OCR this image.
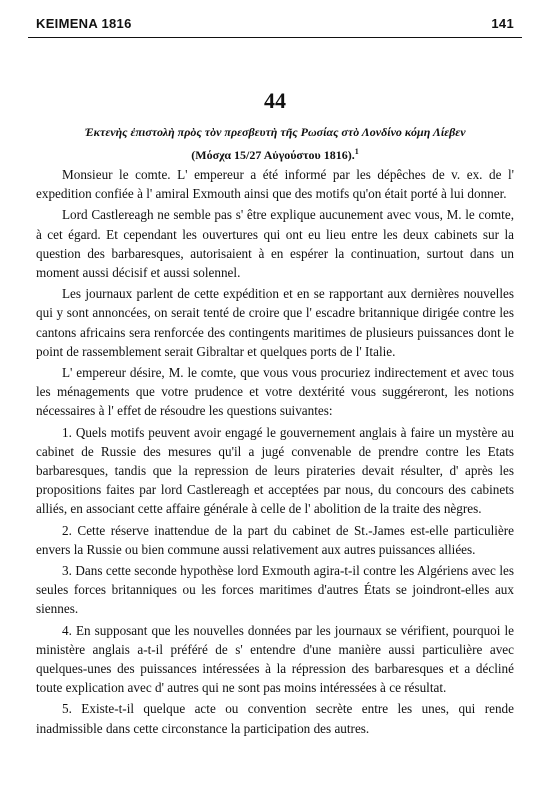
KEIMENA 1816	141
44
Ἐκτενὴς ἐπιστολὴ πρὸς τὸν πρεσβευτὴ τῆς Ρωσίας στὸ Λονδίνο κόμη Λίεβεν
(Μόσχα 15/27 Αὐγούστου 1816).$^1$

Monsieur le comte. L' empereur a été informé par les dépêches de v. ex. de l' expedition confiée à l' amiral Exmouth ainsi que des motifs qu'on était porté à lui donner.

Lord Castlereagh ne semble pas s' être explique aucunement avec vous, M. le comte, à cet égard. Et cependant les ouvertures qui ont eu lieu entre les deux cabinets sur la question des barbaresques, autorisaient à en espérer la continuation, surtout dans un moment aussi décisif et aussi solennel.

Les journaux parlent de cette expédition et en se rapportant aux dernières nouvelles qui y sont annoncées, on serait tenté de croire que l' escadre britannique dirigée contre les cantons africains sera renforcée des contingents maritimes de plusieurs puissances dont le point de rassemblement serait Gibraltar et quelques ports de l' Italie.

L' empereur désire, M. le comte, que vous vous procuriez indirectement et avec tous les ménagements que votre prudence et votre dextérité vous suggéreront, les notions nécessaires à l' effet de résoudre les questions suivantes:

1. Quels motifs peuvent avoir engagé le gouvernement anglais à faire un mystère au cabinet de Russie des mesures qu'il a jugé convenable de prendre contre les Etats barbaresques, tandis que la repression de leurs pirateries devait résulter, d' après les propositions faites par lord Castlereagh et acceptées par nous, du concours des cabinets alliés, en associant cette affaire générale à celle de l' abolition de la traite des nègres.

2. Cette réserve inattendue de la part du cabinet de St.-James est-elle particulière envers la Russie ou bien commune aussi relativement aux autres puissances alliées.

3. Dans cette seconde hypothèse lord Exmouth agira-t-il contre les Algériens avec les seules forces britanniques ou les forces maritimes d'autres États se joindront-elles aux siennes.

4. En supposant que les nouvelles données par les journaux se vérifient, pourquoi le ministère anglais a-t-il préféré de s' entendre d'une manière aussi particulière avec quelques-unes des puissances intéressées à la répression des barbaresques et a décliné toute explication avec d' autres qui ne sont pas moins intéressées à ce résultat.

5. Existe-t-il quelque acte ou convention secrète entre les unes, qui rende inadmissible dans cette circonstance la participation des autres.
